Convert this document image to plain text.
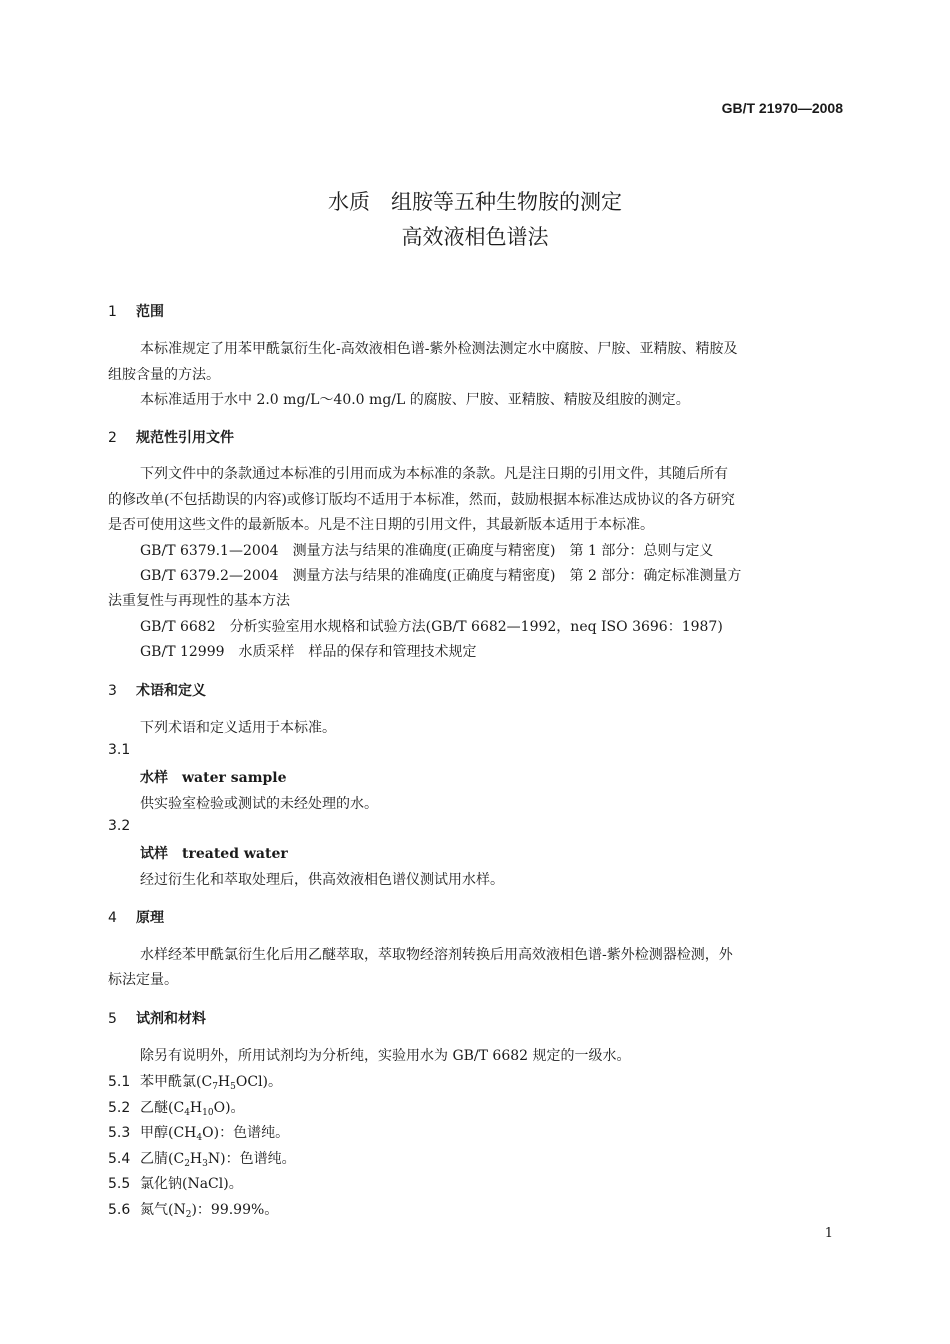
GB/T 21970—2008
水质　组胺等五种生物胺的测定
高效液相色谱法
1 范围
本标准规定了用苯甲酰氯衍生化-高效液相色谱-紫外检测法测定水中腐胺、尸胺、亚精胺、精胺及
组胺含量的方法。
本标准适用于水中 2.0 mg/L～40.0 mg/L 的腐胺、尸胺、亚精胺、精胺及组胺的测定。
2 规范性引用文件
下列文件中的条款通过本标准的引用而成为本标准的条款。凡是注日期的引用文件，其随后所有
的修改单(不包括勘误的内容)或修订版均不适用于本标准，然而，鼓励根据本标准达成协议的各方研究
是否可使用这些文件的最新版本。凡是不注日期的引用文件，其最新版本适用于本标准。
GB/T 6379.1—2004　测量方法与结果的准确度(正确度与精密度)　第 1 部分：总则与定义
GB/T 6379.2—2004　测量方法与结果的准确度(正确度与精密度)　第 2 部分：确定标准测量方
法重复性与再现性的基本方法
GB/T 6682　分析实验室用水规格和试验方法(GB/T 6682—1992，neq ISO 3696：1987)
GB/T 12999　水质采样　样品的保存和管理技术规定
3 术语和定义
下列术语和定义适用于本标准。
3.1
水样　water sample
供实验室检验或测试的未经处理的水。
3.2
试样　treated water
经过衍生化和萃取处理后，供高效液相色谱仪测试用水样。
4 原理
水样经苯甲酰氯衍生化后用乙醚萃取，萃取物经溶剂转换后用高效液相色谱-紫外检测器检测，外
标法定量。
5 试剂和材料
除另有说明外，所用试剂均为分析纯，实验用水为 GB/T 6682 规定的一级水。
5.1 苯甲酰氯$(C_7H_5OCl)$。
5.2 乙醚$(C_4H_{10}O)$。
5.3 甲醇$(CH_4O)$：色谱纯。
5.4 乙腈$(C_2H_3N)$：色谱纯。
5.5 氯化钠(NaCl)。
5.6 氮气$(N_2)$：99.99%。
1
